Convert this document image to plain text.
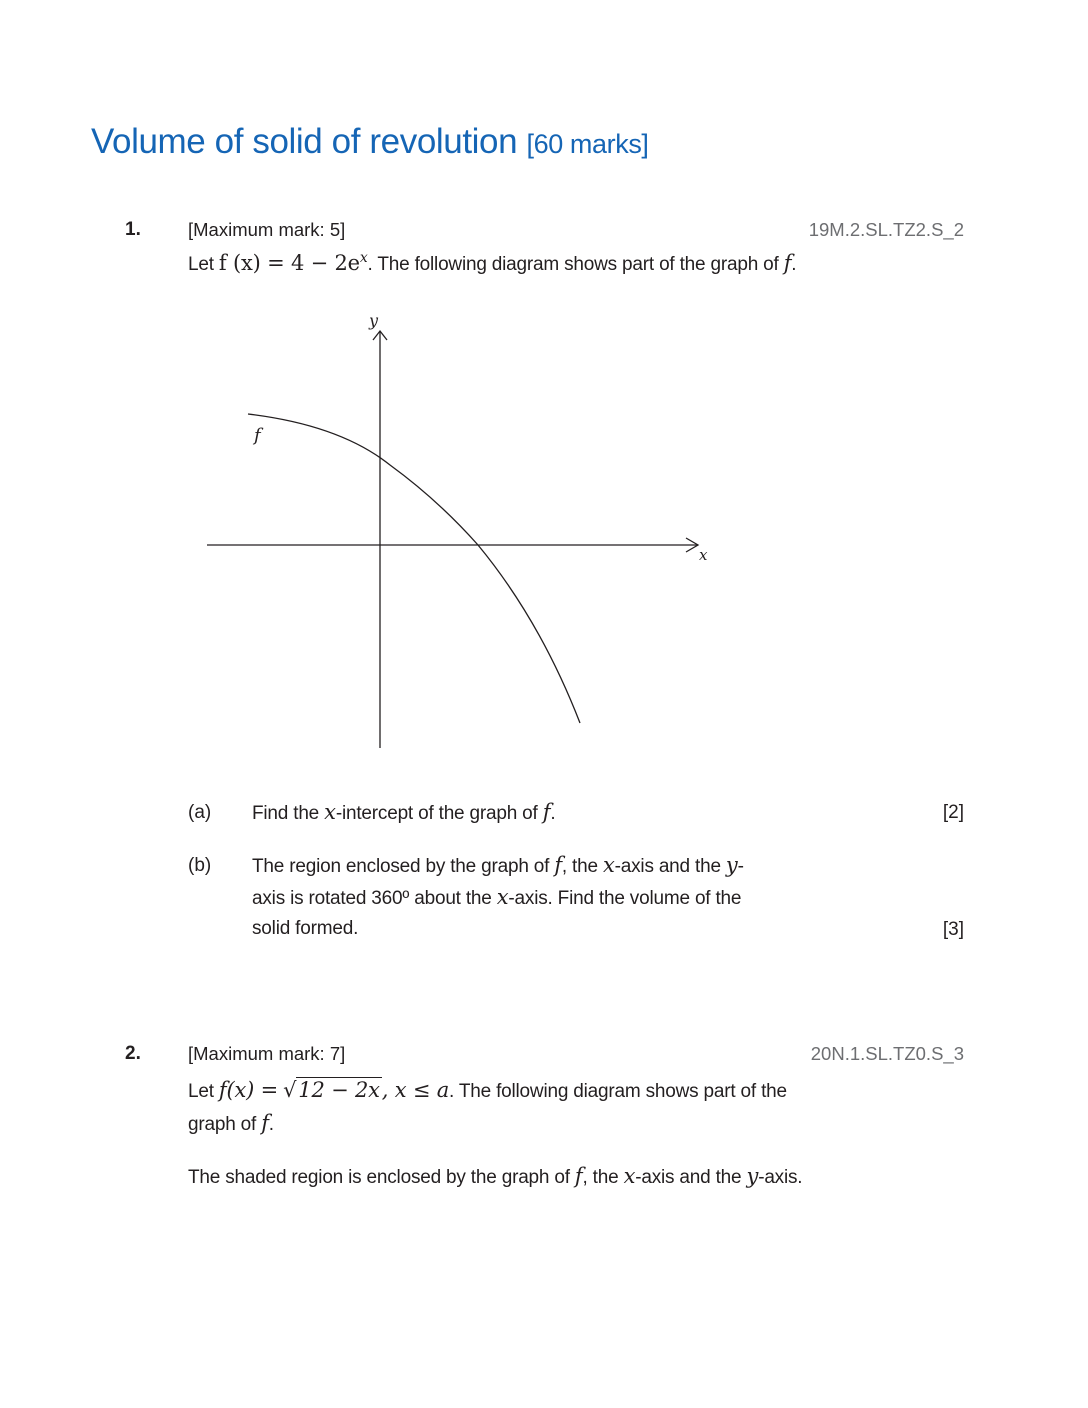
Volume of solid of revolution [60 marks]
1.	[Maximum mark: 5]	19M.2.SL.TZ2.S_2
Let f $(x) = 4 - 2e^x$. The following diagram shows part of the graph of f.
y
x
f
(a) Find the x-intercept of the graph of f.	[2]
(b) The region enclosed by the graph of f, the x-axis and the y-
axis is rotated 360º about the x-axis. Find the volume of the
solid formed.	[3]
2.	[Maximum mark: 7]	20N.1.SL.TZ0.S_3
Let f(x) = √12 − 2x, x ≤ a. The following diagram shows part of the
graph of f.
The shaded region is enclosed by the graph of f, the x-axis and the y-axis.
